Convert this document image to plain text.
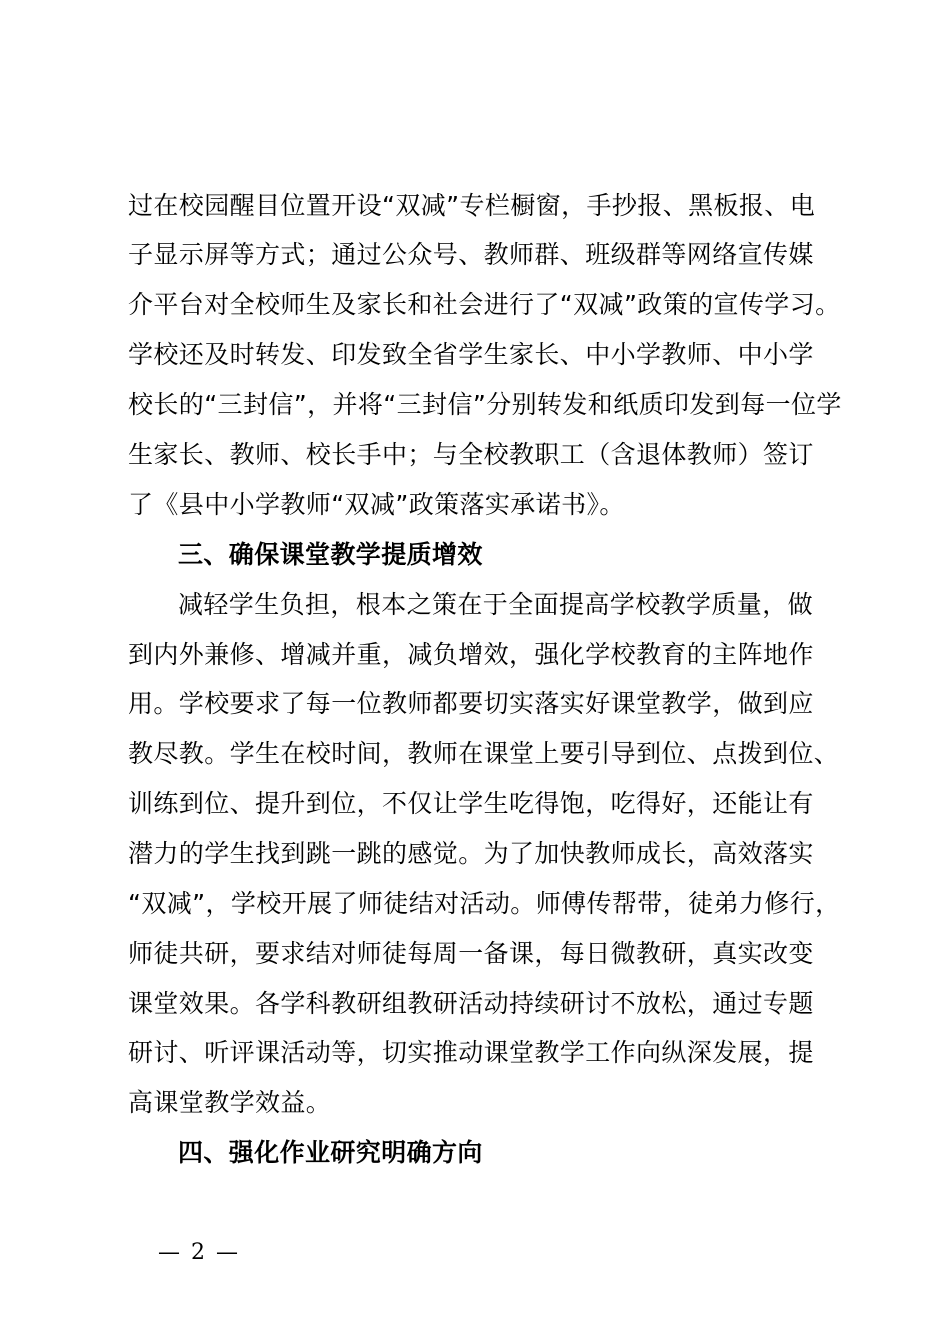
过在校园醒目位置开设“双减”专栏橱窗，手抄报、黑板报、电
子显示屏等方式；通过公众号、教师群、班级群等网络宣传媒
介平台对全校师生及家长和社会进行了“双减”政策的宣传学习。
学校还及时转发、印发致全省学生家长、中小学教师、中小学
校长的“三封信”，并将“三封信”分别转发和纸质印发到每一位学
生家长、教师、校长手中；与全校教职工（含退体教师）签订
了《县中小学教师“双减”政策落实承诺书》。
三、确保课堂教学提质增效
减轻学生负担，根本之策在于全面提高学校教学质量，做
到内外兼修、增减并重，减负增效，强化学校教育的主阵地作
用。学校要求了每一位教师都要切实落实好课堂教学，做到应
教尽教。学生在校时间，教师在课堂上要引导到位、点拨到位、
训练到位、提升到位，不仅让学生吃得饱，吃得好，还能让有
潜力的学生找到跳一跳的感觉。为了加快教师成长，高效落实
“双减”，学校开展了师徒结对活动。师傅传帮带，徒弟力修行，
师徒共研，要求结对师徒每周一备课，每日微教研，真实改变
课堂效果。各学科教研组教研活动持续研讨不放松，通过专题
研讨、听评课活动等，切实推动课堂教学工作向纵深发展，提
高课堂教学效益。
四、强化作业研究明确方向
— 2 —
